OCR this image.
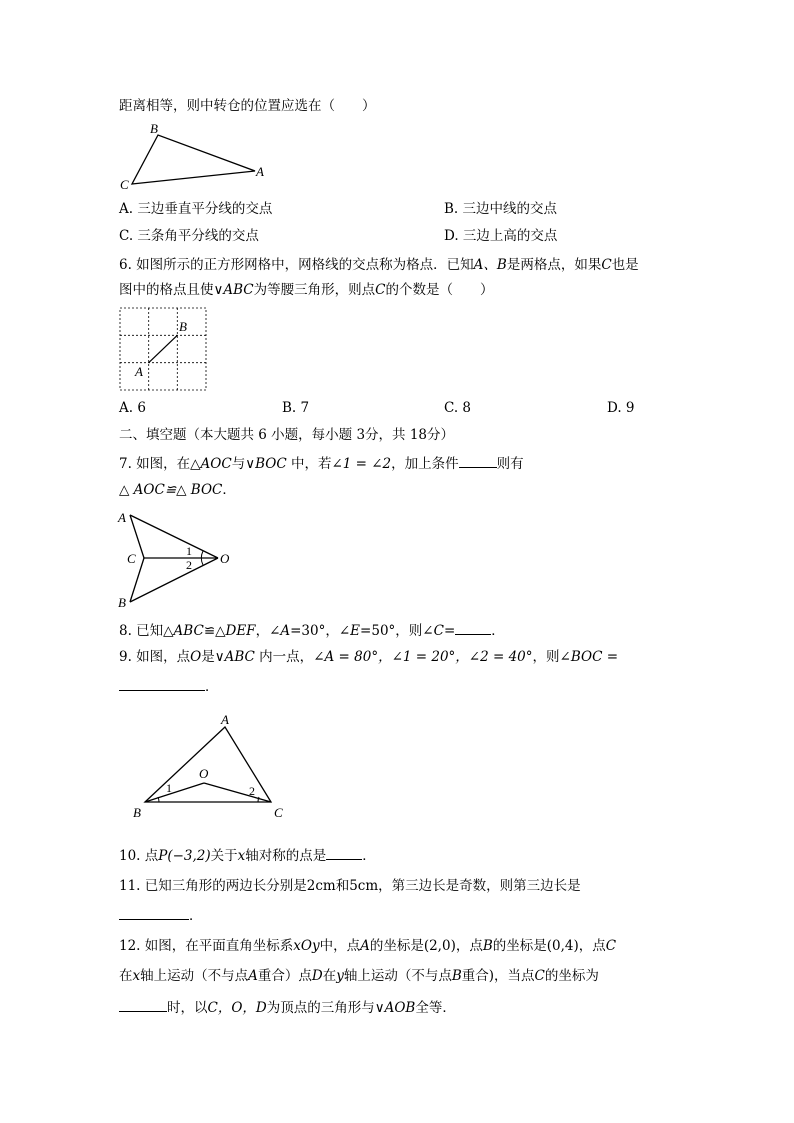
距离相等，则中转仓的位置应选在（　　）
B
A
C
A. 三边垂直平分线的交点	B. 三边中线的交点
C. 三条角平分线的交点	D. 三边上高的交点
6. 如图所示的正方形网格中，网格线的交点称为格点．已知A、B是两格点，如果C也是
图中的格点且使∨ABC为等腰三角形，则点C的个数是（　　）
B
A
A. 6	B. 7	C. 8	D. 9
二、填空题（本大题共 6 小题，每小题 3分，共 18分）
7. 如图，在△AOC与∨BOC 中，若∠1 = ∠2，加上条件	则有
△ AOC≌△ BOC．
A
C
B
O
1
2
8. 已知△ABC≌△DEF，∠A=30°，∠E=50°，则∠C=	．
9. 如图，点O是∨ABC 内一点，∠A = 80°，∠1 = 20°，∠2 = 40°，则∠BOC =
．
A
B	C
O
1	2
10. 点P(−3,2)关于x轴对称的点是	．
11. 已知三角形的两边长分别是2cm和5cm，第三边长是奇数，则第三边长是
．
12. 如图，在平面直角坐标系xOy中，点A的坐标是(2,0)，点B的坐标是(0,4)，点C
在x轴上运动（不与点A重合）点D在y轴上运动（不与点B重合)，当点C的坐标为
时，以C，O，D为顶点的三角形与∨AOB全等．
